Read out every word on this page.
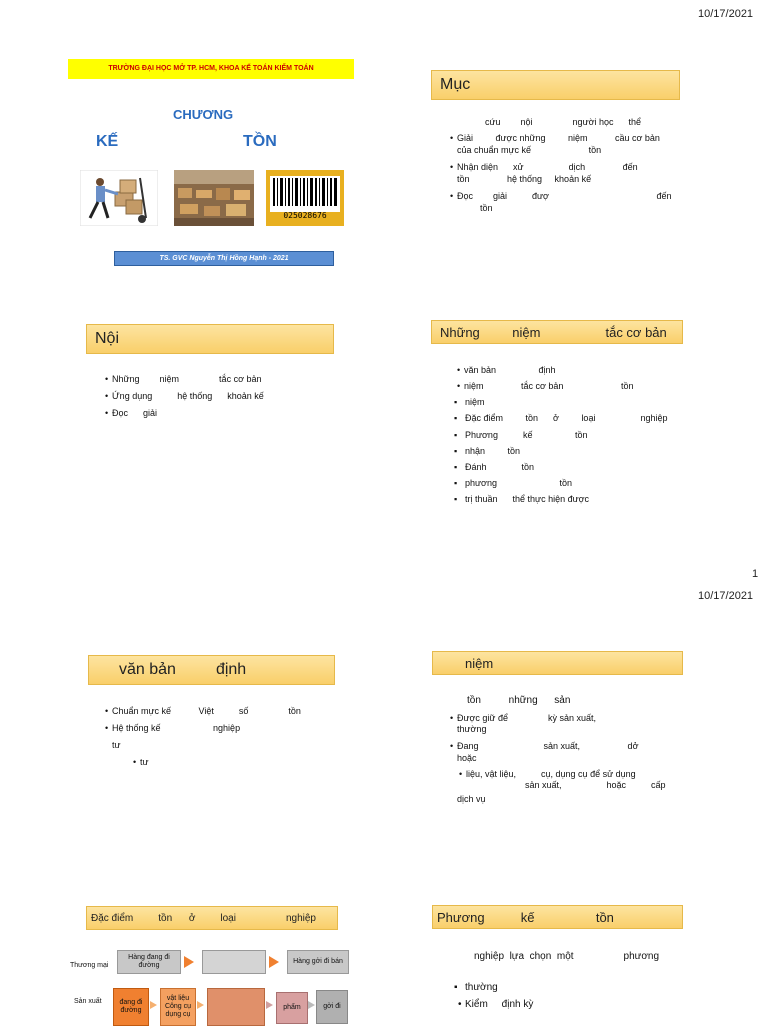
10/17/2021
TRƯỜNG ĐẠI HỌC MỞ TP. HCM, KHOA KẾ TOÁN KIỂM TOÁN
CHƯƠNG
KẾ	TỒN
025028676
TS. GVC Nguyễn Thị Hồng Hạnh - 2021
Mục
cứu        nội                người học      thể
• Giải         được những         niệm           cầu cơ bản
của chuẩn mực kế                       tồn
• Nhận diện      xử                  dịch               đến
tồn               hệ thống     khoản kế
• Đọc        giải          đượ                                           đến
tồn
Nội
• Những        niệm                tắc cơ bản
• Ứng dụng          hệ thống      khoản kế
• Đọc      giải
Những         niệm                  tắc cơ bản
• văn bản                 định
• niệm               tắc cơ bản                       tồn
▪ niệm
▪ Đặc điểm         tồn      ở         loại                  nghiệp
▪ Phương          kế                 tồn
▪ nhận         tồn
▪ Đánh              tồn
▪ phương                         tồn
▪ trị thuần      thể thực hiện được
1
10/17/2021
văn bản         định
• Chuẩn mực kế           Việt          số                tồn
• Hệ thống kế                     nghiệp
tư
• tư
niệm
tồn          những      sản
• Được giữ để                kỳ sản xuất,
thường
• Đang                          sản xuất,                   dở
hoặc
• liệu, vật liệu,          cụ, dụng cụ để sử dụng
sản xuất,                  hoặc          cấp
dịch vụ
Đặc điểm         tồn      ở         loại                  nghiệp
Thương mại
Hàng đang đi đường
Hàng gởi đi bán
Sản xuất	đang đi đường
vật liệu Công cụ dụng cụ
phẩm	gởi đi
Phương          kế                 tồn
nghiệp  lựa  chọn  một                  phương
▪ thường
• Kiểm     định kỳ
